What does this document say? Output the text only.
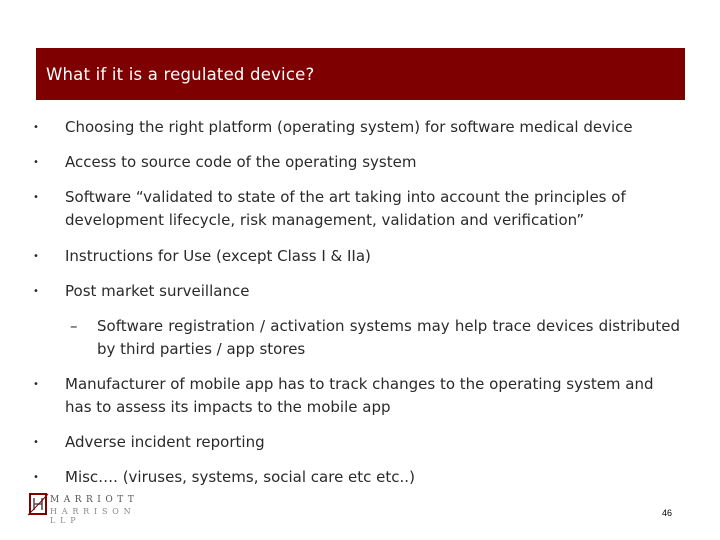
What if it is a regulated device?
•	Choosing the right platform (operating system) for software medical device
•	Access to source code of the operating system
•	Software “validated to state of the art taking into account the principles of development lifecycle, risk management, validation and verification”
•	Instructions for Use (except Class I & IIa)
•	Post market surveillance
–	Software registration / activation systems may help trace devices distributed by third parties / app stores
•	Manufacturer of mobile app has to track changes to the operating system and has to assess its impacts to the mobile app
•	Adverse incident reporting
•	Misc…. (viruses, systems, social care etc etc..)
MARRIOTT
HARRISON LLP
46
